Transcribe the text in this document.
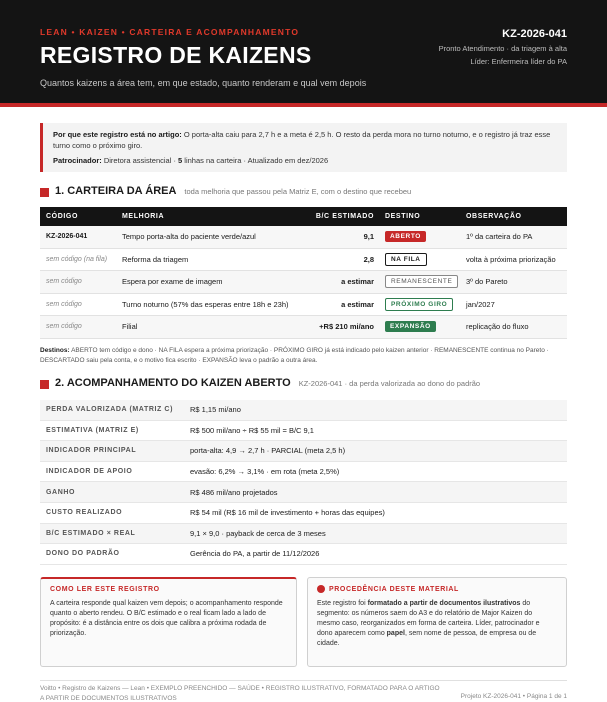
LEAN • KAIZEN • CARTEIRA E ACOMPANHAMENTO
REGISTRO DE KAIZENS
Quantos kaizens a área tem, em que estado, quanto renderam e qual vem depois
KZ-2026-041
Pronto Atendimento · da triagem à alta
Líder: Enfermeira líder do PA
Por que este registro está no artigo: O porta-alta caiu para 2,7 h e a meta é 2,5 h. O resto da perda mora no turno noturno, e o registro já traz esse turno como o próximo giro.
Patrocinador: Diretora assistencial · 5 linhas na carteira · Atualizado em dez/2026
1. CARTEIRA DA ÁREA toda melhoria que passou pela Matriz E, com o destino que recebeu
CÓDIGO	MELHORIA	B/C ESTIMADO	DESTINO	OBSERVAÇÃO
KZ-2026-041	Tempo porta-alta do paciente verde/azul	9,1	ABERTO	1º da carteira do PA
sem código (na fila)	Reforma da triagem	2,8	NA FILA	volta à próxima priorização
sem código	Espera por exame de imagem	a estimar	REMANESCENTE	3º do Pareto
sem código	Turno noturno (57% das esperas entre 18h e 23h)	a estimar	PRÓXIMO GIRO	jan/2027
sem código	Filial	+R$ 210 mi/ano	EXPANSÃO	replicação do fluxo
Destinos: ABERTO tem código e dono · NA FILA espera a próxima priorização · PRÓXIMO GIRO já está indicado pelo kaizen anterior · REMANESCENTE continua no Pareto · DESCARTADO saiu pela conta, e o motivo fica escrito · EXPANSÃO leva o padrão a outra área.
2. ACOMPANHAMENTO DO KAIZEN ABERTO KZ-2026-041 · da perda valorizada ao dono do padrão
PERDA VALORIZADA (MATRIZ C)	R$ 1,15 mi/ano
ESTIMATIVA (MATRIZ E)	R$ 500 mil/ano ÷ R$ 55 mil = B/C 9,1
INDICADOR PRINCIPAL	porta-alta: 4,9 → 2,7 h · PARCIAL (meta 2,5 h)
INDICADOR DE APOIO	evasão: 6,2% → 3,1% · em rota (meta 2,5%)
GANHO	R$ 486 mil/ano projetados
CUSTO REALIZADO	R$ 54 mil (R$ 16 mil de investimento + horas das equipes)
B/C ESTIMADO × REAL	9,1 × 9,0 · payback de cerca de 3 meses
DONO DO PADRÃO	Gerência do PA, a partir de 11/12/2026
COMO LER ESTE REGISTRO
A carteira responde qual kaizen vem depois; o acompanhamento responde quanto o aberto rendeu. O B/C estimado e o real ficam lado a lado de propósito: é a distância entre os dois que calibra a próxima rodada de priorização.
PROCEDÊNCIA DESTE MATERIAL
Este registro foi formatado a partir de documentos ilustrativos do segmento: os números saem do A3 e do relatório de Major Kaizen do mesmo caso, reorganizados em forma de carteira. Líder, patrocinador e dono aparecem como papel, sem nome de pessoa, de empresa ou de cidade.
Voitto • Registro de Kaizens — Lean • EXEMPLO PREENCHIDO — SAÚDE • REGISTRO ILUSTRATIVO, FORMATADO PARA O ARTIGO A PARTIR DE DOCUMENTOS ILUSTRATIVOS	Projeto KZ-2026-041 • Página 1 de 1
